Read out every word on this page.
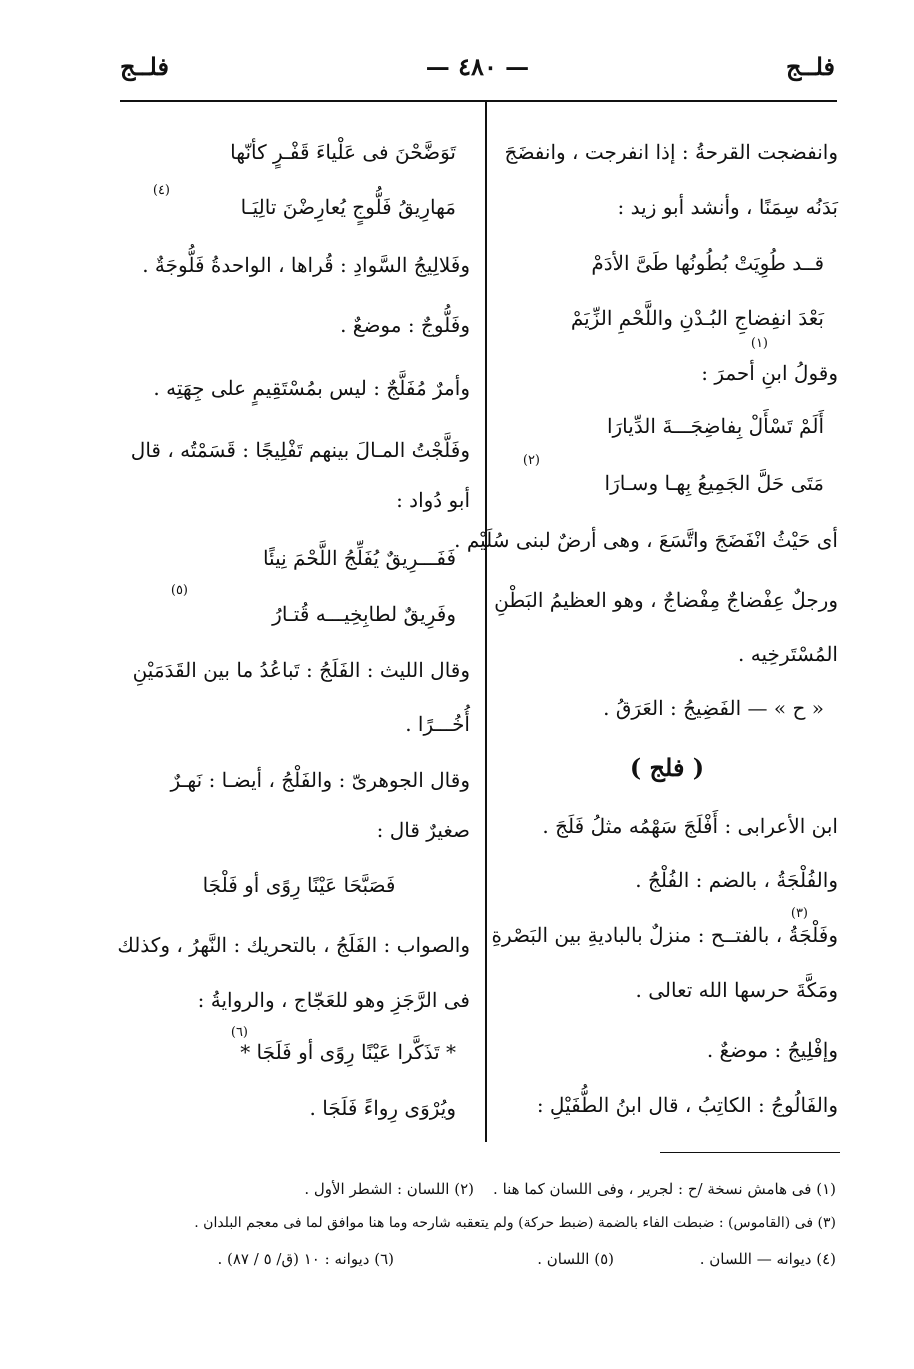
فلــج
— ٤٨٠ —
فلــج
وانفضجت القرحةُ : إذا انفرجت ، وانفضَجَ
بَدَنُه سِمَنًا ، وأنشد أبو زيد :
قــد طُوِيَتْ بُطُونُها طَىَّ الأدَمْ
بَعْدَ انفِضاجِ البُـدْنِ واللَّحْمِ الزِّيَمْ
وقولُ ابنِ أحمرَ :
(١)
أَلَمْ تَسْأَلْ بِفاضِجَـــةَ الدِّيارَا
مَتَى حَلَّ الجَمِيعُ بِهـا وسـارَا
(٢)
أى حَيْثُ انْفَضَجَ واتَّسَعَ ، وهى أرضٌ لبنى سُلَيْم .
ورجلٌ عِفْضاجٌ مِفْضاجٌ ، وهو العظيمُ البَطْنِ
المُسْتَرخِيه .
« ح » — الفَضِيجُ : العَرَقُ .
( فلج )
ابن الأعرابى : أَفْلَجَ سَهْمُه مثلُ فَلَجَ .
والفُلْجَةُ ، بالضم : الفُلْجُ .
وفَلْجَةُ ، بالفتــح : منزلٌ بالباديةِ بين البَصْرةِ
(٣)
ومَكَّةَ حرسها الله تعالى .
وإفْلِيجُ : موضعٌ .
والفَالُوجُ : الكاتِبُ ، قال ابنُ الطُّفَيْلِ :
تَوَضَّحْنَ فى عَلْياءَ قَفْـرٍ كأنّها
مَهارِيقُ فَلُّوجٍ يُعارِضْنَ تالِيَـا
(٤)
وفَلالِيجُ السَّوادِ : قُراها ، الواحدةُ فَلُّوجَةٌ .
وفَلُّوجٌ : موضعٌ .
وأمرٌ مُفَلَّجٌ : ليس بمُسْتَقِيمٍ على جِهَتِه .
وفَلَّجْتُ المـالَ بينهم تَفْلِيجًا : قَسَمْتُه ، قال
أبو دُواد :
فَفَـــرِيقٌ يُفَلِّجُ اللَّحْمَ نِيئًا
وفَرِيقٌ لطابِخِيـــه قُتـارُ
(٥)
وقال الليث : الفَلَجُ : تَباعُدُ ما بين القَدَمَيْنِ
أُخُـــرًا .
وقال الجوهرىّ : والفَلْجُ ، أيضـا : نَهـرٌ
صغيرٌ قال :
فَصَبَّحَا عَيْنًا رِوًى أو فَلْجَا
والصواب : الفَلَجُ ، بالتحريك : النَّهرُ ، وكذلك
فى الرَّجَزِ وهو للعَجّاج ، والروايةُ :
* تَذَكَّرا عَيْنًا رِوًى أو فَلَجَا *
(٦)
ويُرْوَى رِواءً فَلَجَا .
(١) فى هامش نسخة /ح : لجرير ، وفى اللسان كما هنا .
(٢) اللسان : الشطر الأول .
(٣) فى (القاموس) : ضبطت الفاء بالضمة (ضبط حركة) ولم يتعقبه شارحه وما هنا موافق لما فى معجم البلدان .
(٤) ديوانه — اللسان .
(٥) اللسان .
(٦) ديوانه : ١٠ (ق/ ٥ / ٨٧) .
